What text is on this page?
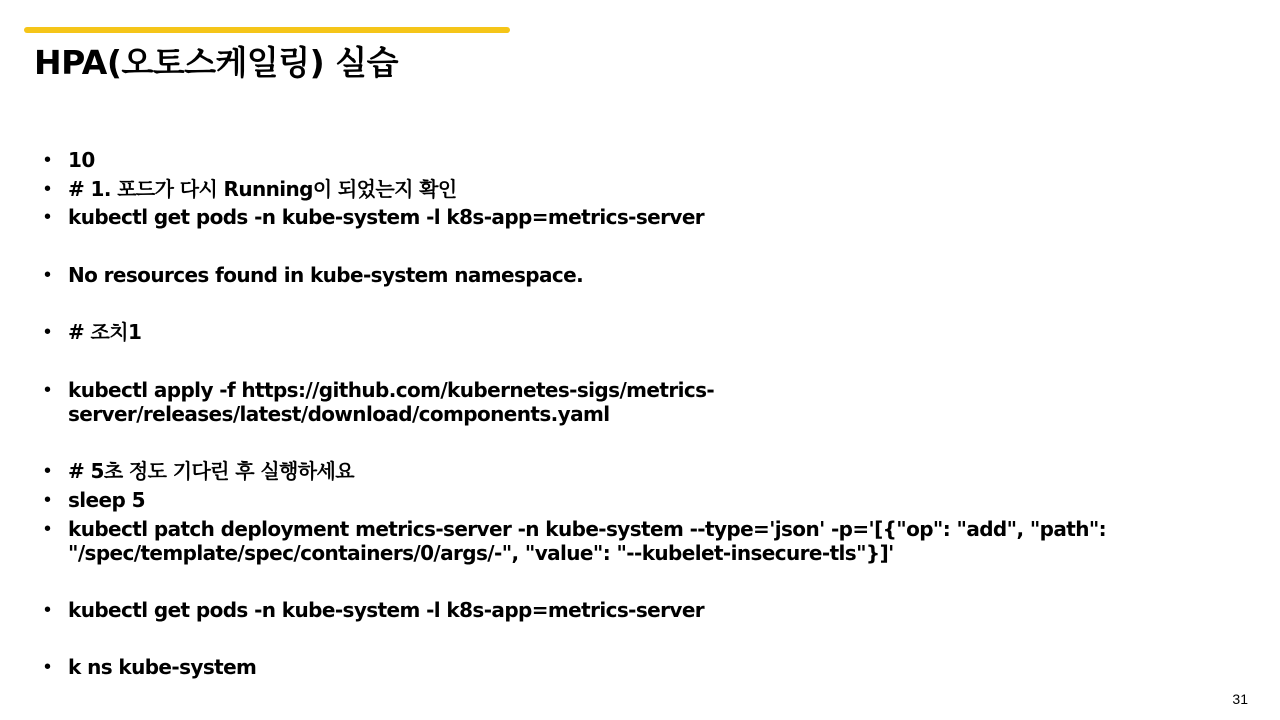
HPA(오토스케일링) 실습
• 10
• # 1. 포드가 다시 Running이 되었는지 확인
• kubectl get pods -n kube-system -l k8s-app=metrics-server
• No resources found in kube-system namespace.
• # 조치1
• kubectl apply -f https://github.com/kubernetes-sigs/metrics-
server/releases/latest/download/components.yaml
• # 5초 정도 기다린 후 실행하세요
• sleep 5
• kubectl patch deployment metrics-server -n kube-system --type='json' -p='[{"op": "add", "path":
"/spec/template/spec/containers/0/args/-", "value": "--kubelet-insecure-tls"}]'
• kubectl get pods -n kube-system -l k8s-app=metrics-server
• k ns kube-system
31
